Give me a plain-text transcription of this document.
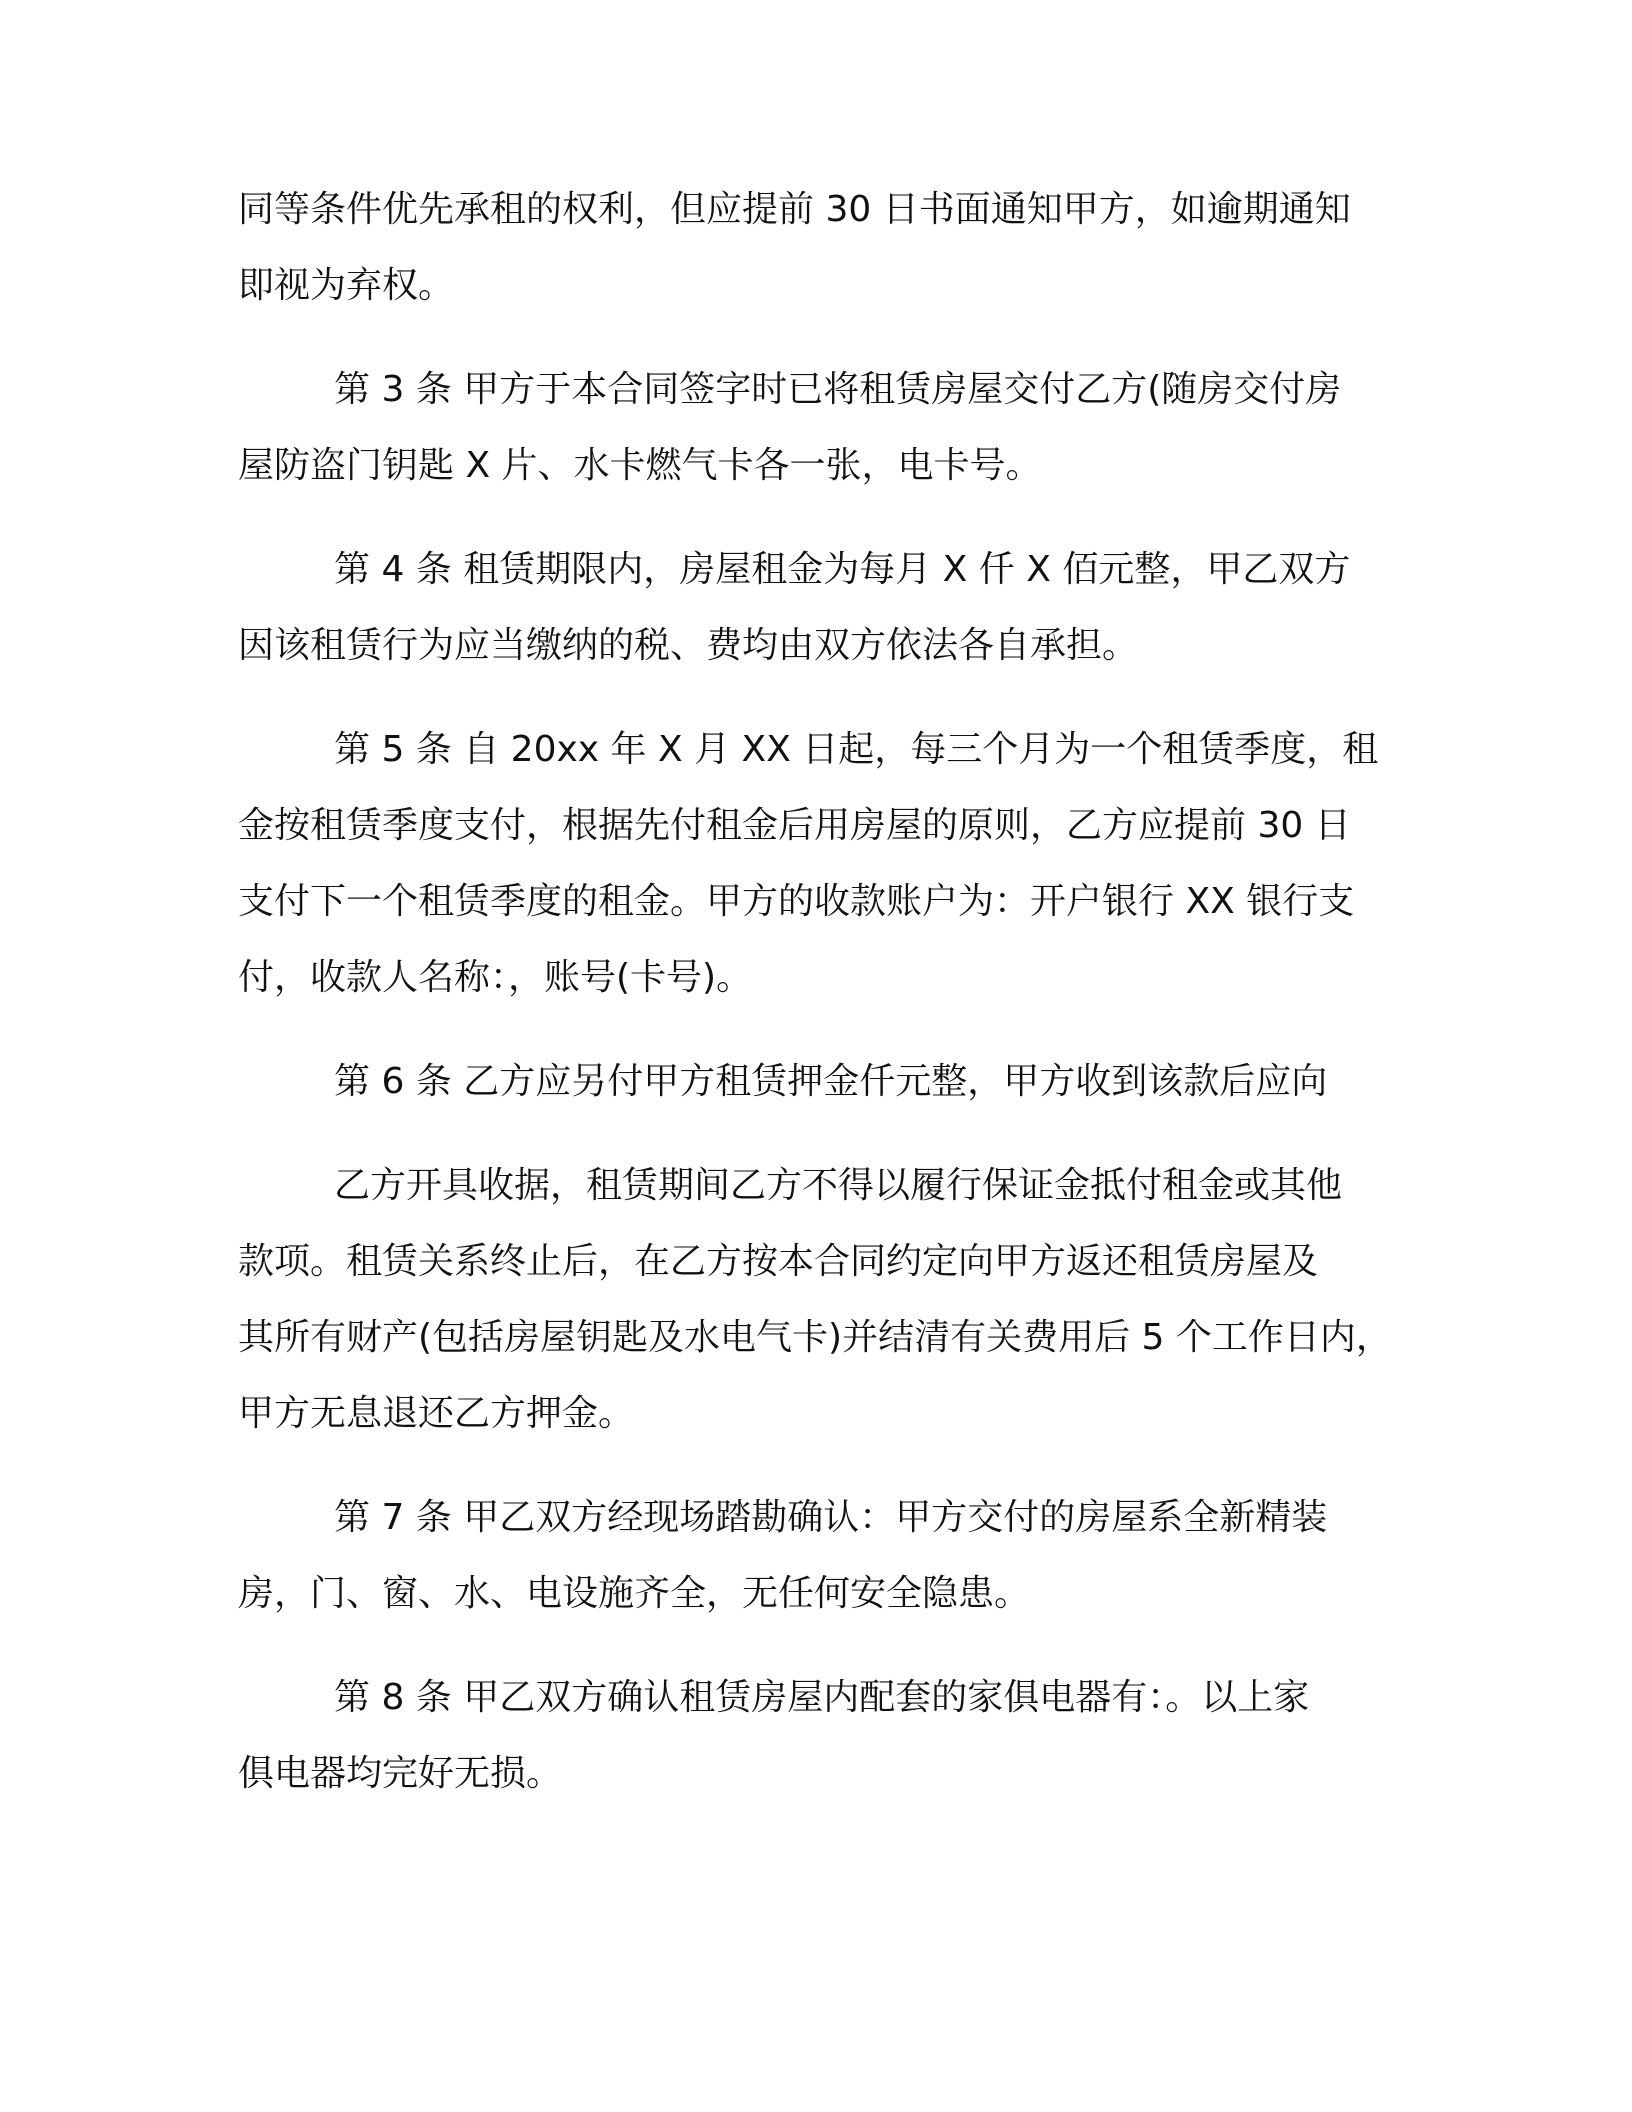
同等条件优先承租的权利，但应提前 30 日书面通知甲方，如逾期通知
即视为弃权。
第 3 条 甲方于本合同签字时已将租赁房屋交付乙方(随房交付房
屋防盗门钥匙 X 片、水卡燃气卡各一张，电卡号。
第 4 条 租赁期限内，房屋租金为每月 X 仟 X 佰元整，甲乙双方
因该租赁行为应当缴纳的税、费均由双方依法各自承担。
第 5 条 自 20xx 年 X 月 XX 日起，每三个月为一个租赁季度，租
金按租赁季度支付，根据先付租金后用房屋的原则，乙方应提前 30 日
支付下一个租赁季度的租金。甲方的收款账户为：开户银行 XX 银行支
付，收款人名称：，账号(卡号)。
第 6 条 乙方应另付甲方租赁押金仟元整，甲方收到该款后应向
乙方开具收据，租赁期间乙方不得以履行保证金抵付租金或其他
款项。租赁关系终止后，在乙方按本合同约定向甲方返还租赁房屋及
其所有财产(包括房屋钥匙及水电气卡)并结清有关费用后 5 个工作日内，
甲方无息退还乙方押金。
第 7 条 甲乙双方经现场踏勘确认：甲方交付的房屋系全新精装
房，门、窗、水、电设施齐全，无任何安全隐患。
第 8 条 甲乙双方确认租赁房屋内配套的家俱电器有：。以上家
俱电器均完好无损。
